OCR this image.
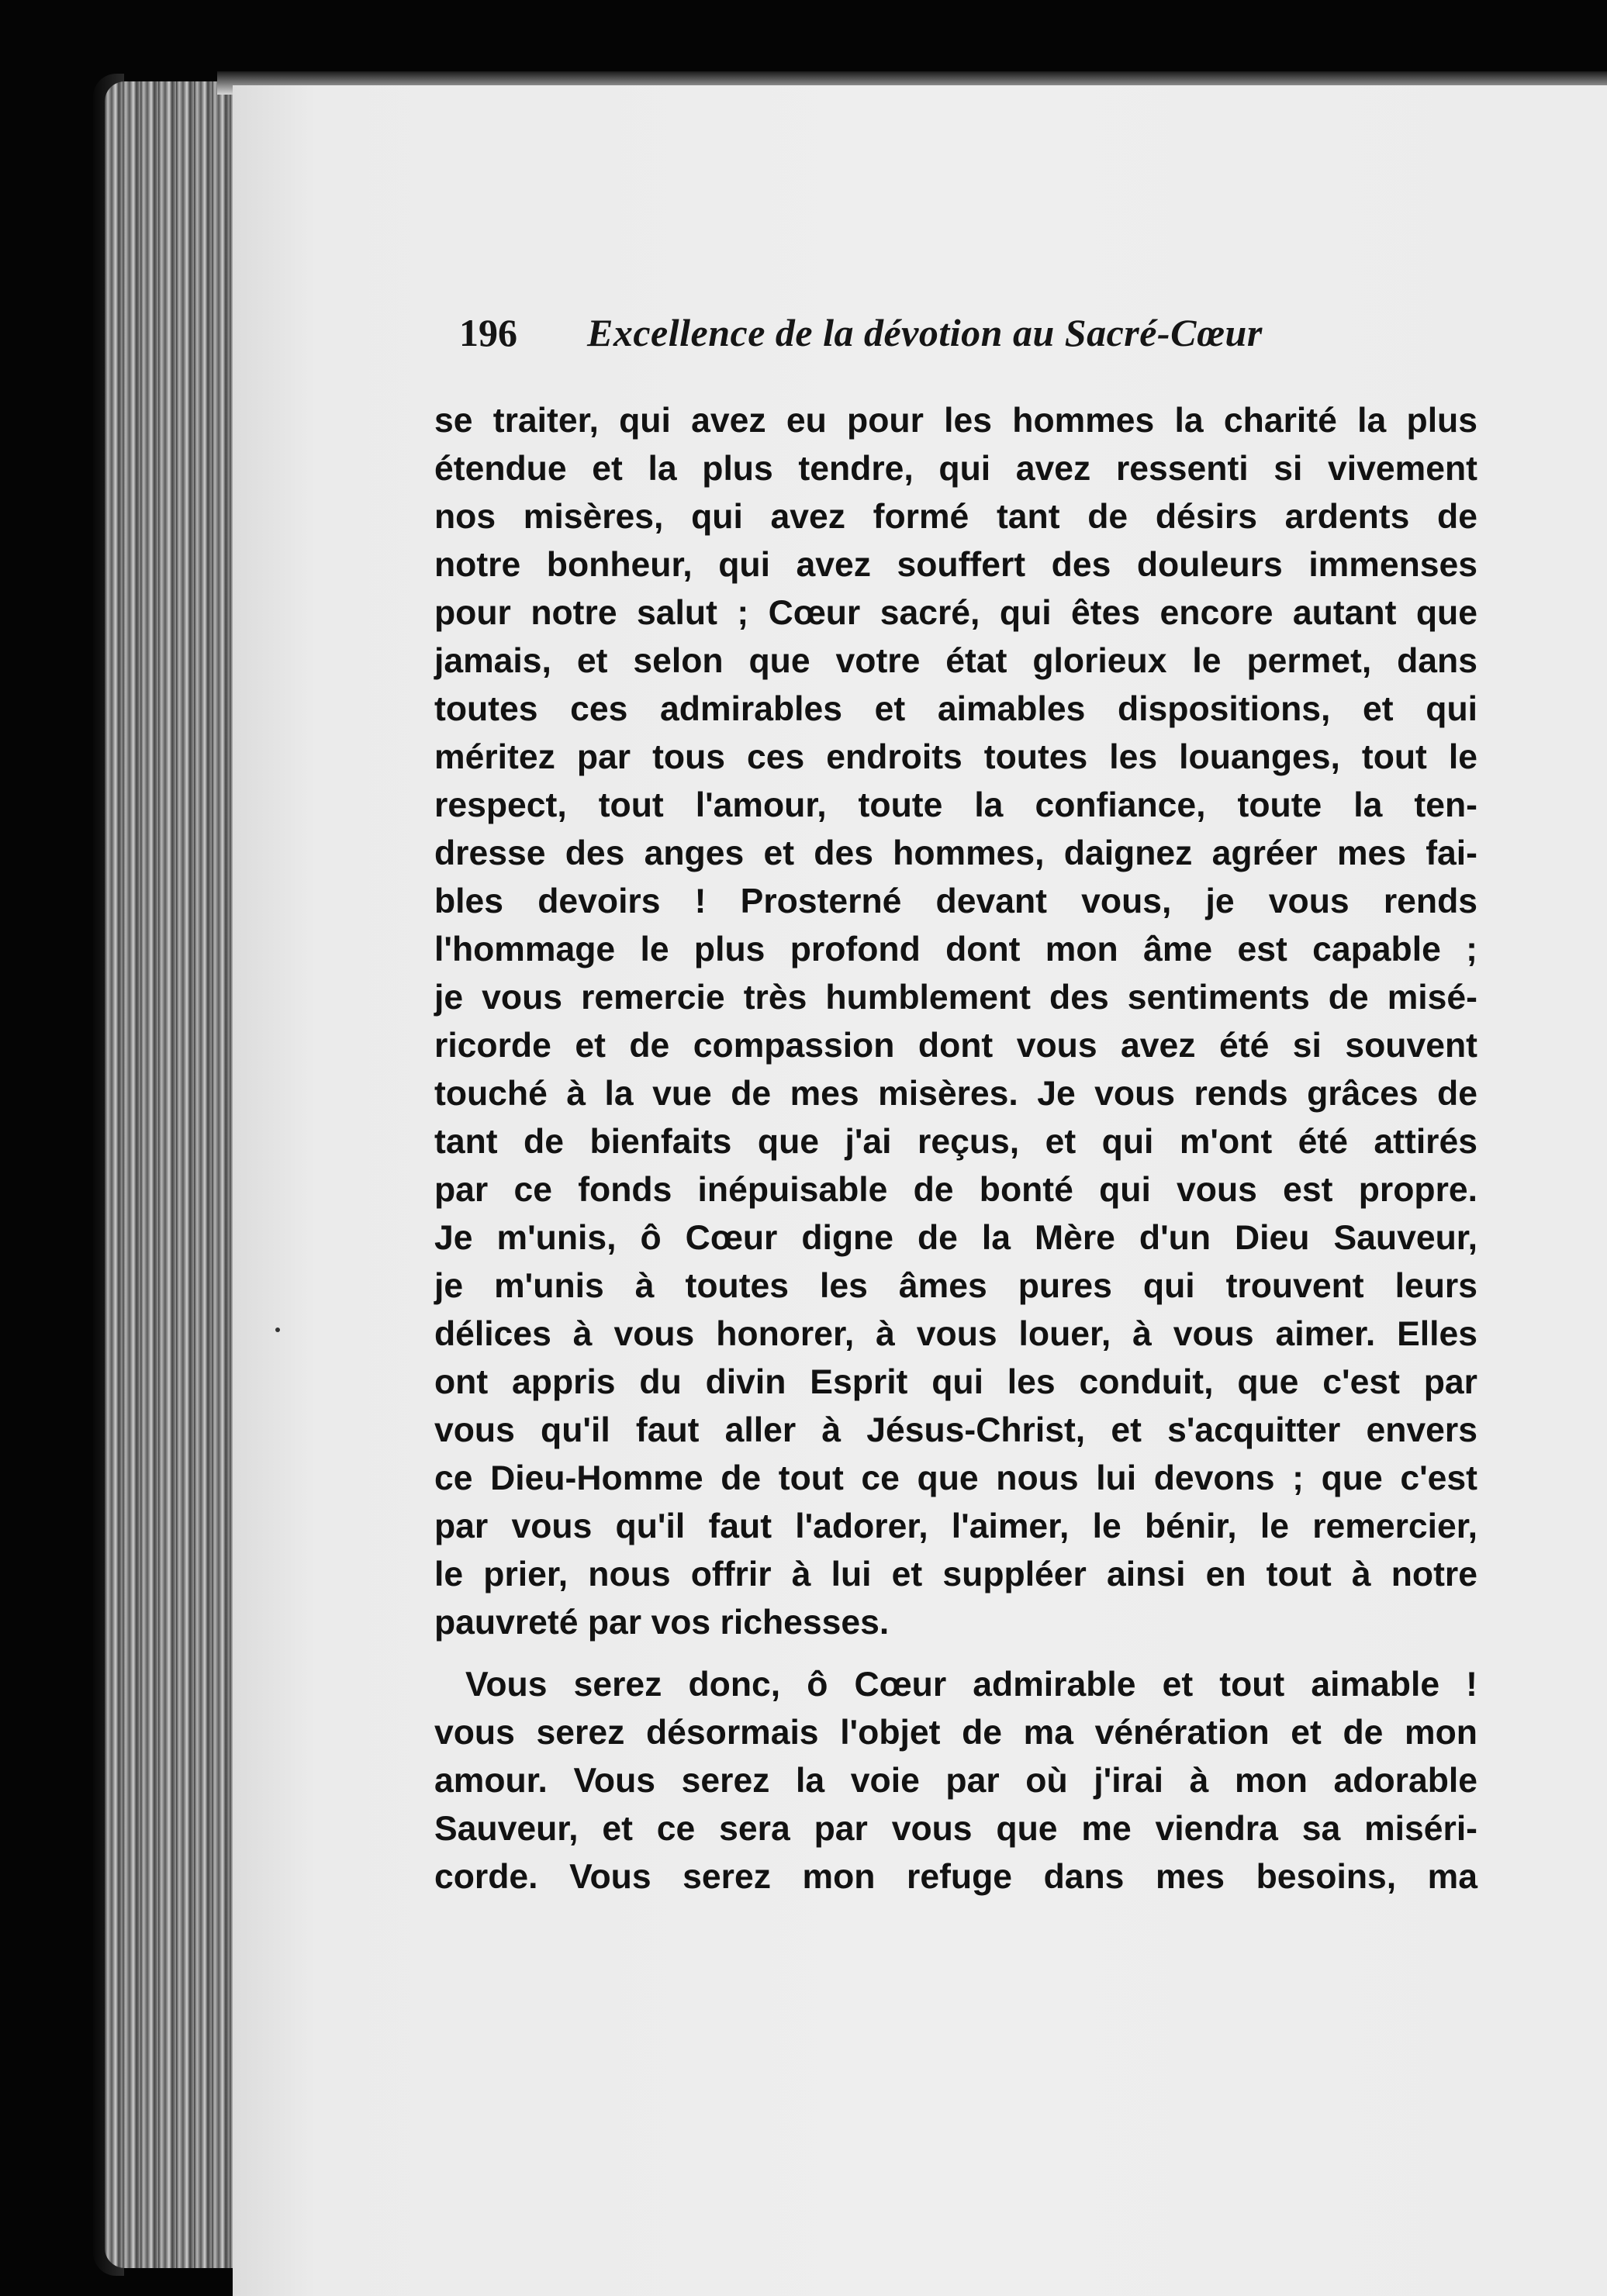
196 Excellence de la dévotion au Sacré-Cœur
se traiter, qui avez eu pour les hommes la charité la plus
étendue et la plus tendre, qui avez ressenti si vivement
nos misères, qui avez formé tant de désirs ardents de
notre bonheur, qui avez souffert des douleurs immenses
pour notre salut ; Cœur sacré, qui êtes encore autant que
jamais, et selon que votre état glorieux le permet, dans
toutes ces admirables et aimables dispositions, et qui
méritez par tous ces endroits toutes les louanges, tout le
respect, tout l'amour, toute la confiance, toute la ten-
dresse des anges et des hommes, daignez agréer mes fai-
bles devoirs ! Prosterné devant vous, je vous rends
l'hommage le plus profond dont mon âme est capable ;
je vous remercie très humblement des sentiments de misé-
ricorde et de compassion dont vous avez été si souvent
touché à la vue de mes misères. Je vous rends grâces de
tant de bienfaits que j'ai reçus, et qui m'ont été attirés
par ce fonds inépuisable de bonté qui vous est propre.
Je m'unis, ô Cœur digne de la Mère d'un Dieu Sauveur,
je m'unis à toutes les âmes pures qui trouvent leurs
délices à vous honorer, à vous louer, à vous aimer. Elles
ont appris du divin Esprit qui les conduit, que c'est par
vous qu'il faut aller à Jésus-Christ, et s'acquitter envers
ce Dieu-Homme de tout ce que nous lui devons ; que c'est
par vous qu'il faut l'adorer, l'aimer, le bénir, le remercier,
le prier, nous offrir à lui et suppléer ainsi en tout à notre
pauvreté par vos richesses.
Vous serez donc, ô Cœur admirable et tout aimable !
vous serez désormais l'objet de ma vénération et de mon
amour. Vous serez la voie par où j'irai à mon adorable
Sauveur, et ce sera par vous que me viendra sa miséri-
corde. Vous serez mon refuge dans mes besoins, ma
